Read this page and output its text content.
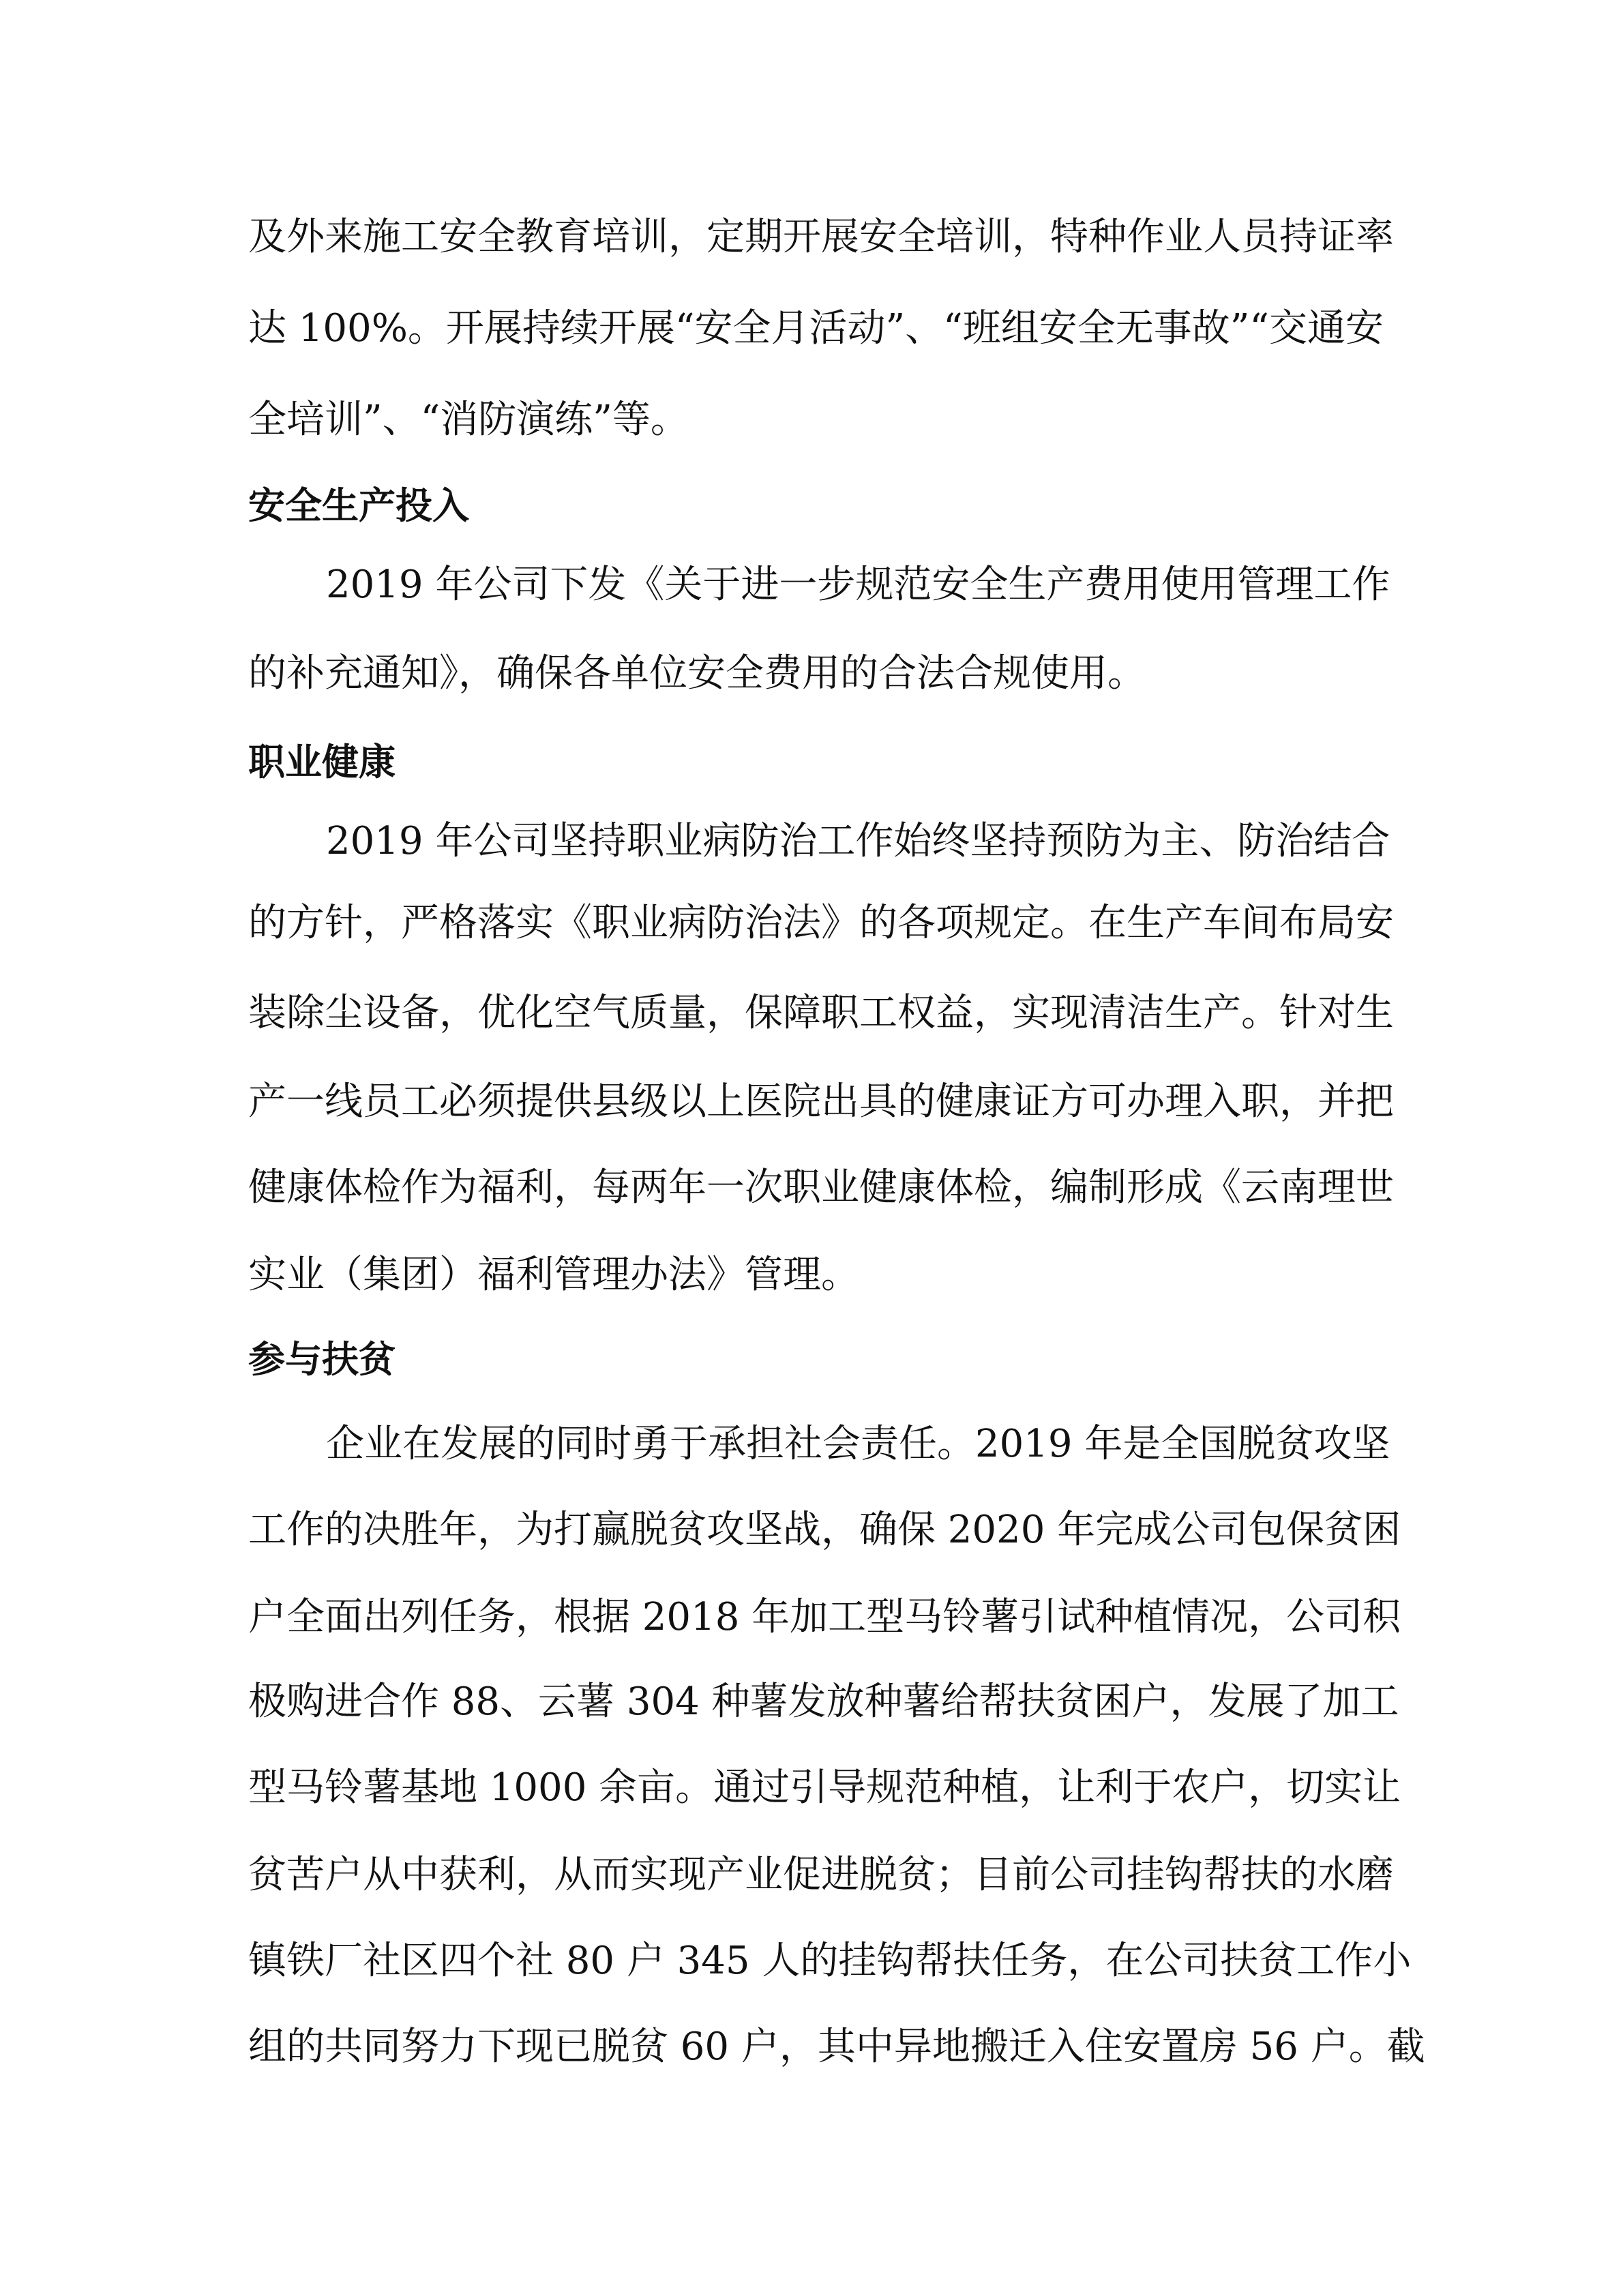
及外来施工安全教育培训，定期开展安全培训，特种作业人员持证率
达 100%。开展持续开展“安全月活动”、“班组安全无事故”“交通安
全培训”、“消防演练”等。
安全生产投入
2019 年公司下发《关于进一步规范安全生产费用使用管理工作
的补充通知》，确保各单位安全费用的合法合规使用。
职业健康
2019 年公司坚持职业病防治工作始终坚持预防为主、防治结合
的方针，严格落实《职业病防治法》的各项规定。在生产车间布局安
装除尘设备，优化空气质量，保障职工权益，实现清洁生产。针对生
产一线员工必须提供县级以上医院出具的健康证方可办理入职，并把
健康体检作为福利，每两年一次职业健康体检，编制形成《云南理世
实业（集团）福利管理办法》管理。
参与扶贫
企业在发展的同时勇于承担社会责任。2019 年是全国脱贫攻坚
工作的决胜年，为打赢脱贫攻坚战，确保 2020 年完成公司包保贫困
户全面出列任务，根据 2018 年加工型马铃薯引试种植情况，公司积
极购进合作 88、云薯 304 种薯发放种薯给帮扶贫困户，发展了加工
型马铃薯基地 1000 余亩。通过引导规范种植，让利于农户，切实让
贫苦户从中获利，从而实现产业促进脱贫；目前公司挂钩帮扶的水磨
镇铁厂社区四个社 80 户 345 人的挂钩帮扶任务，在公司扶贫工作小
组的共同努力下现已脱贫 60 户，其中异地搬迁入住安置房 56 户。截
